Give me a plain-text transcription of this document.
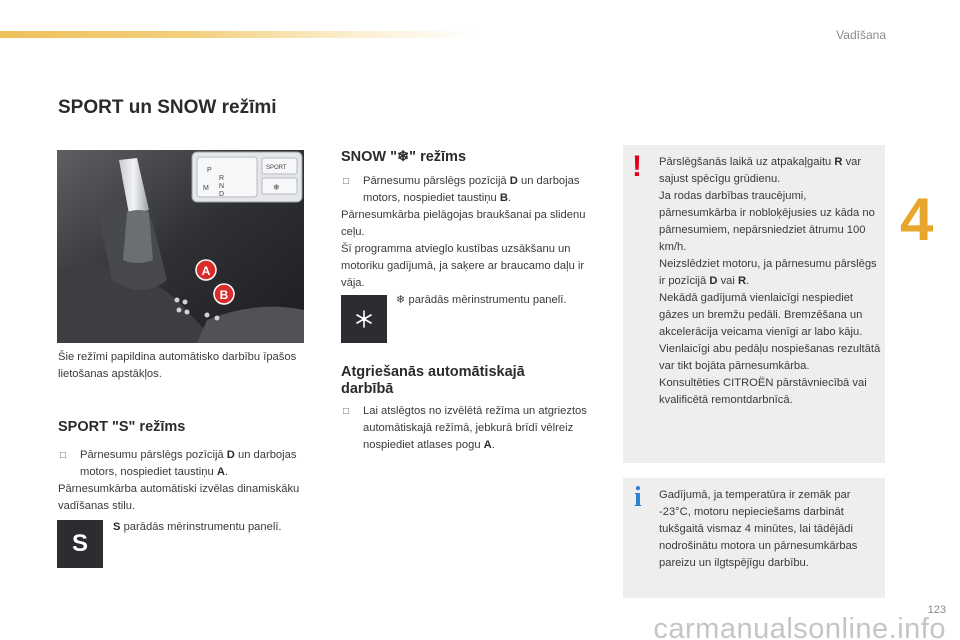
Vadīšana
4
SPORT un SNOW režīmi
P
R
N
D
M
SPORT
❄
A
B

Šie režīmi papildina automātisko darbību īpašos lietošanas apstākļos.

SPORT "S" režīms
□	Pārnesumu pārslēgs pozīcijā D un darbojas motors, nospiediet taustiņu A.

Pārnesumkārba automātiski izvēlas dinamiskāku vadīšanas stilu.

S

S parādās mērinstrumentu panelī.

SNOW "❄" režīms
□	Pārnesumu pārslēgs pozīcijā D un darbojas motors, nospiediet taustiņu B.

Pārnesumkārba pielāgojas braukšanai pa slidenu ceļu.

Šī programma atvieglo kustības uzsākšanu un motoriku gadījumā, ja saķere ar braucamo daļu ir vāja.

❄ parādās mērinstrumentu panelī.

Atgriešanās automātiskajā darbībā
□	Lai atslēgtos no izvēlētā režīma un atgrieztos automātiskajā režīmā, jebkurā brīdī vēlreiz nospiediet atlases pogu A.
! Pārslēgšanās laikā uz atpakaļgaitu R var sajust spēcīgu grūdienu.

Ja rodas darbības traucējumi, pārnesumkārba ir nobloķējusies uz kāda no pārnesumiem, nepārsniedziet ātrumu 100 km/h.

Neizslēdziet motoru, ja pārnesumu pārslēgs ir pozīcijā D vai R.

Nekādā gadījumā vienlaicīgi nespiediet gāzes un bremžu pedāli. Bremzēšana un akcelerācija veicama vienīgi ar labo kāju. Vienlaicīgi abu pedāļu nospiešanas rezultātā var tikt bojāta pārnesumkārba.

Konsultēties CITROËN pārstāvniecībā vai kvalificētā remontdarbnīcā.

i Gadījumā, ja temperatūra ir zemāk par -23°C, motoru nepieciešams darbināt tukšgaitā vismaz 4 minūtes, lai tādējādi nodrošinātu motora un pārnesumkārbas pareizu un ilgtspējīgu darbību.

123
carmanualsonline.info
